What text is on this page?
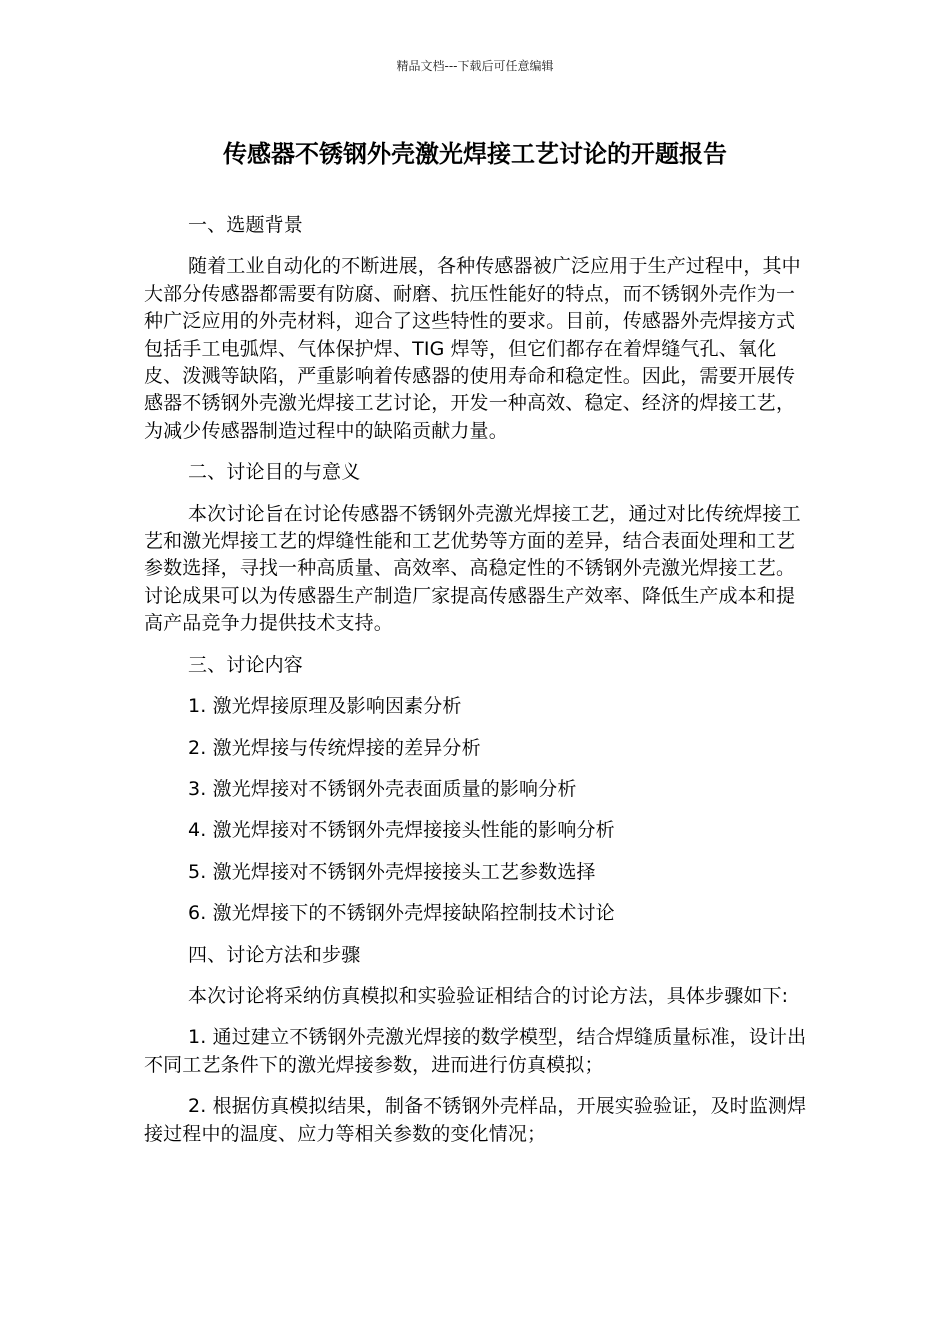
精品文档---下载后可任意编辑
传感器不锈钢外壳激光焊接工艺讨论的开题报告

一、选题背景

随着工业自动化的不断进展，各种传感器被广泛应用于生产过程中，其中大部分传感器都需要有防腐、耐磨、抗压性能好的特点，而不锈钢外壳作为一种广泛应用的外壳材料，迎合了这些特性的要求。目前，传感器外壳焊接方式包括手工电弧焊、气体保护焊、TIG 焊等，但它们都存在着焊缝气孔、氧化皮、泼溅等缺陷，严重影响着传感器的使用寿命和稳定性。因此，需要开展传感器不锈钢外壳激光焊接工艺讨论，开发一种高效、稳定、经济的焊接工艺，为减少传感器制造过程中的缺陷贡献力量。

二、讨论目的与意义

本次讨论旨在讨论传感器不锈钢外壳激光焊接工艺，通过对比传统焊接工艺和激光焊接工艺的焊缝性能和工艺优势等方面的差异，结合表面处理和工艺参数选择，寻找一种高质量、高效率、高稳定性的不锈钢外壳激光焊接工艺。讨论成果可以为传感器生产制造厂家提高传感器生产效率、降低生产成本和提高产品竞争力提供技术支持。

三、讨论内容

1. 激光焊接原理及影响因素分析

2. 激光焊接与传统焊接的差异分析

3. 激光焊接对不锈钢外壳表面质量的影响分析

4. 激光焊接对不锈钢外壳焊接接头性能的影响分析

5. 激光焊接对不锈钢外壳焊接接头工艺参数选择

6. 激光焊接下的不锈钢外壳焊接缺陷控制技术讨论

四、讨论方法和步骤

本次讨论将采纳仿真模拟和实验验证相结合的讨论方法，具体步骤如下:

1. 通过建立不锈钢外壳激光焊接的数学模型，结合焊缝质量标准，设计出不同工艺条件下的激光焊接参数，进而进行仿真模拟；

2. 根据仿真模拟结果，制备不锈钢外壳样品，开展实验验证，及时监测焊接过程中的温度、应力等相关参数的变化情况；
